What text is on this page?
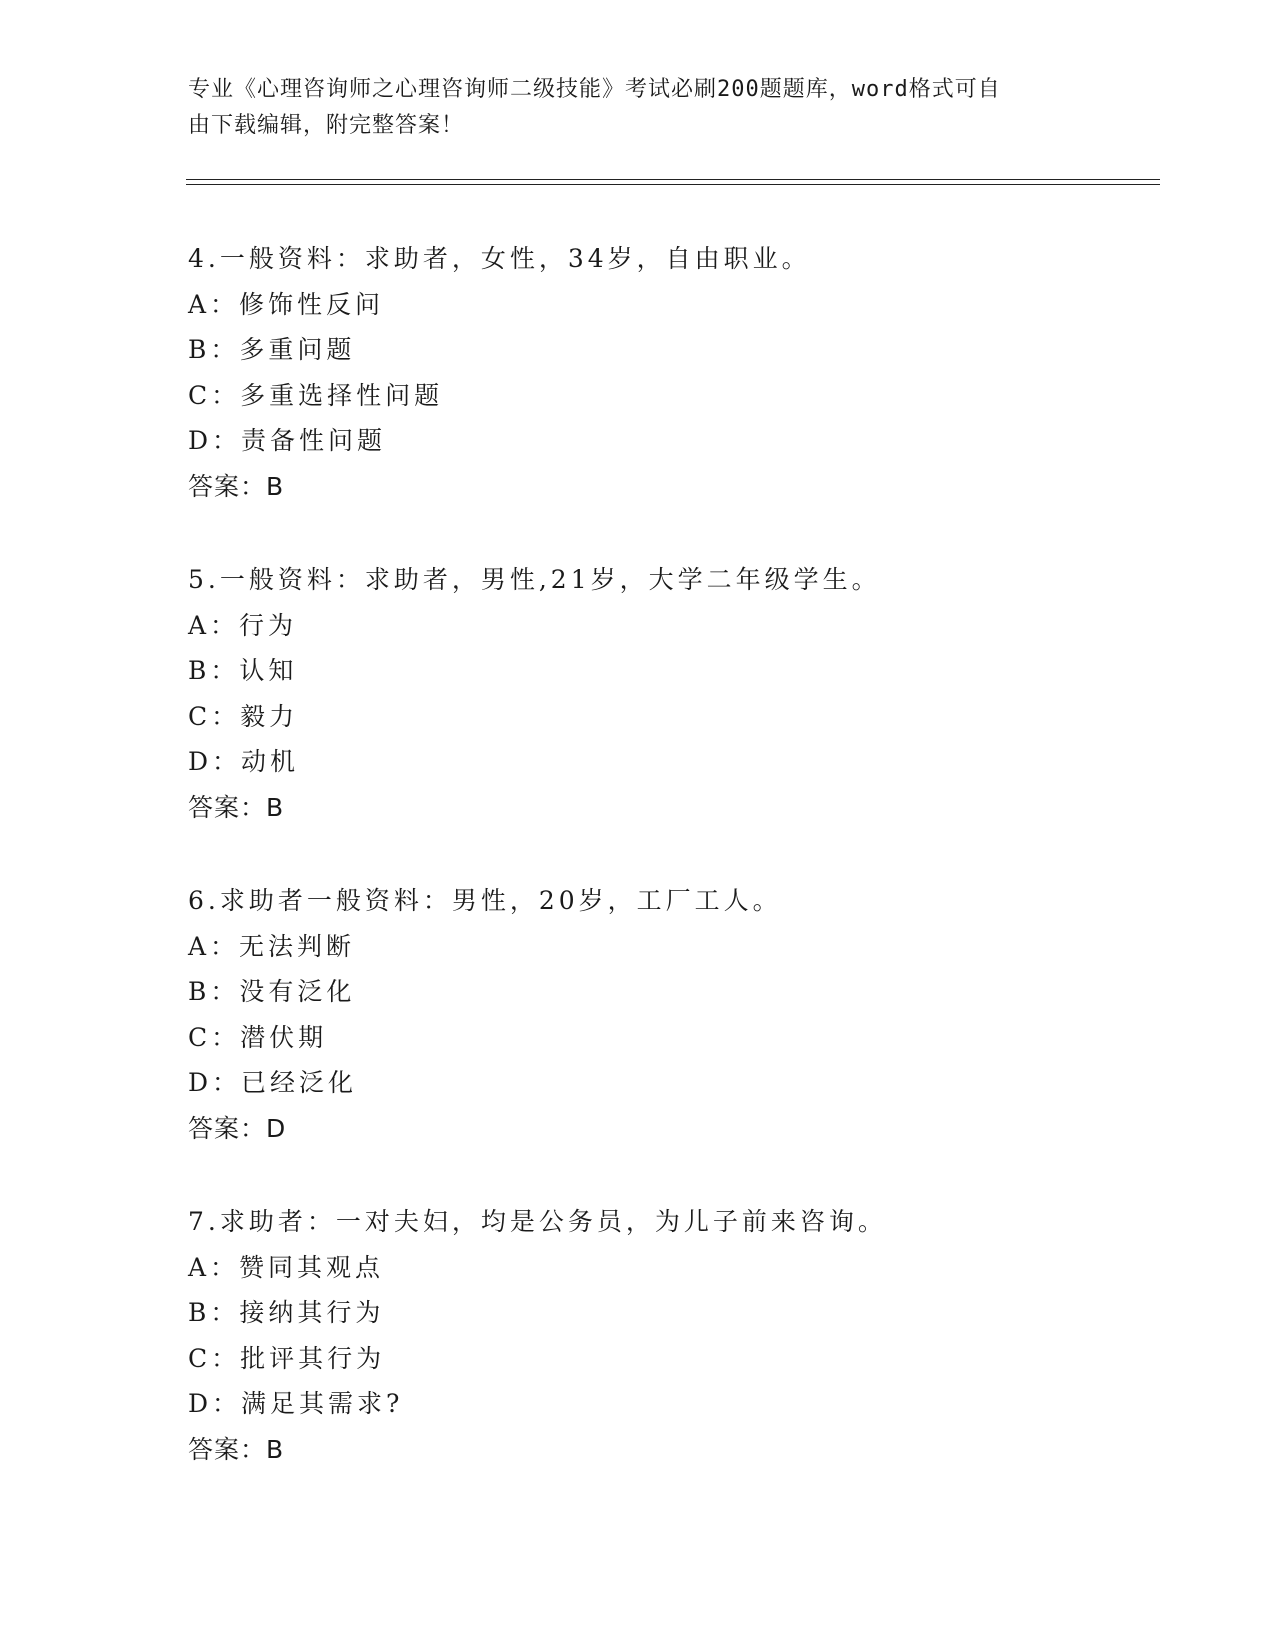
专业《心理咨询师之心理咨询师二级技能》考试必刷200题题库，word格式可自
由下载编辑，附完整答案！
4.一般资料：求助者，女性，34岁，自由职业。
A：修饰性反问
B：多重问题
C：多重选择性问题
D：责备性问题
答案：B
5.一般资料：求助者，男性,21岁，大学二年级学生。
A：行为
B：认知
C：毅力
D：动机
答案：B
6.求助者一般资料：男性，20岁，工厂工人。
A：无法判断
B：没有泛化
C：潜伏期
D：已经泛化
答案：D
7.求助者：一对夫妇，均是公务员，为儿子前来咨询。
A：赞同其观点
B：接纳其行为
C：批评其行为
D：满足其需求?
答案：B
